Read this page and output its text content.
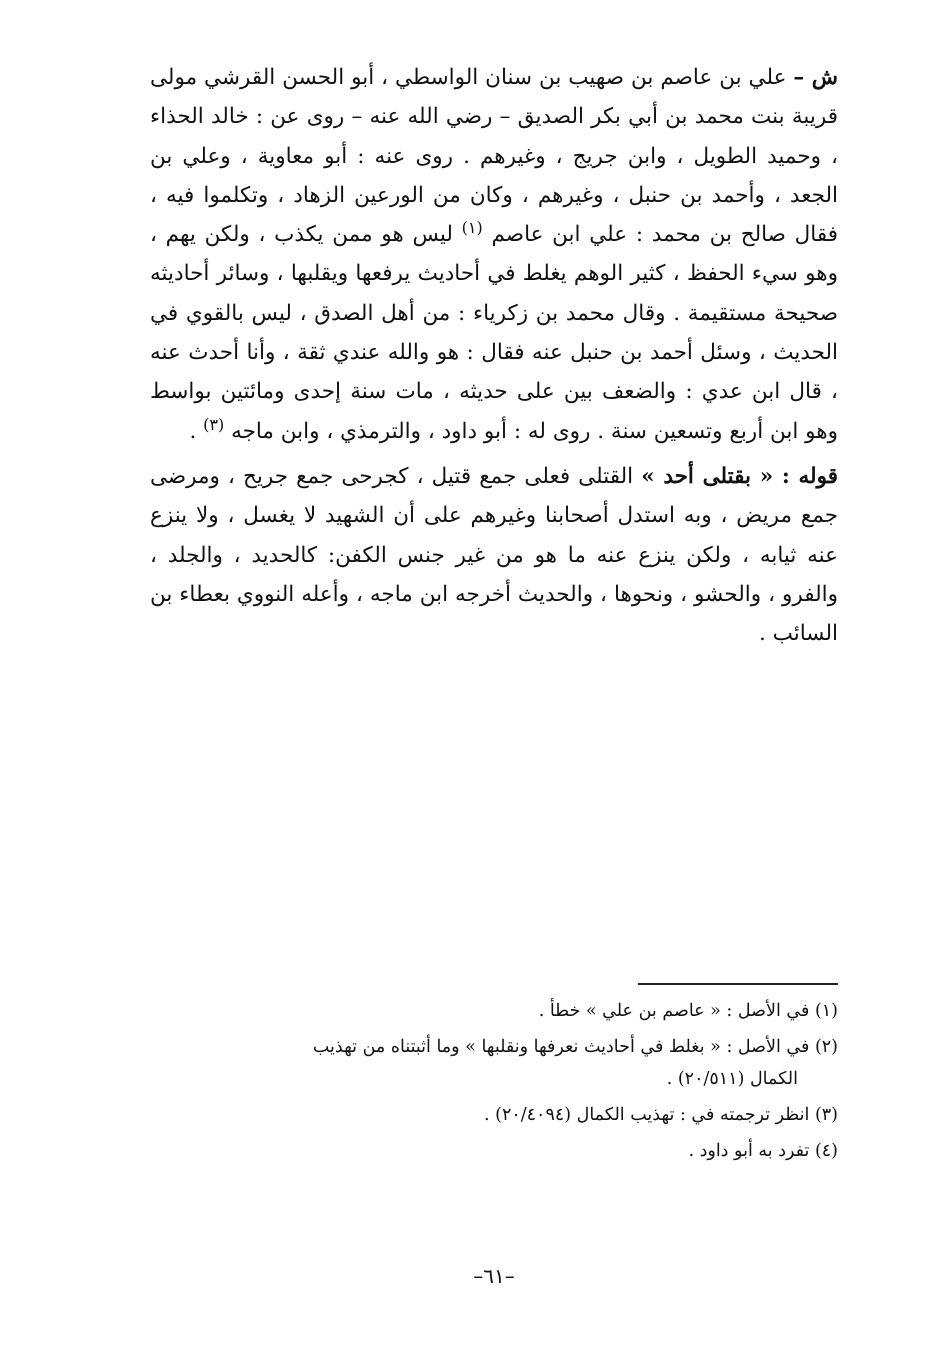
ش – علي بن عاصم بن صهيب بن سنان الواسطي ، أبو الحسن القرشي مولى قريبة بنت محمد بن أبي بكر الصديق – رضي الله عنه – روى عن : خالد الحذاء ، وحميد الطويل ، وابن جريج ، وغيرهم . روى عنه : أبو معاوية ، وعلي بن الجعد ، وأحمد بن حنبل ، وغيرهم ، وكان من الورعين الزهاد ، وتكلموا فيه ، فقال صالح بن محمد : علي ابن عاصم $^{(١)}$ ليس هو ممن يكذب ، ولكن يهم ، وهو سيء الحفظ ، كثير الوهم يغلط في أحاديث يرفعها ويقلبها ، وسائر أحاديثه صحيحة مستقيمة . وقال محمد بن زكرياء : من أهل الصدق ، ليس بالقوي في الحديث ، وسئل أحمد بن حنبل عنه فقال : هو والله عندي ثقة ، وأنا أحدث عنه ، قال ابن عدي : والضعف بين على حديثه ، مات سنة إحدى ومائتين بواسط وهو ابن أربع وتسعين سنة . روى له : أبو داود ، والترمذي ، وابن ماجه $^{(٣)}$ .

قوله : « بقتلى أحد » القتلى فعلى جمع قتيل ، كجرحى جمع جريح ، ومرضى جمع مريض ، وبه استدل أصحابنا وغيرهم على أن الشهيد لا يغسل ، ولا ينزع عنه ثيابه ، ولكن ينزع عنه ما هو من غير جنس الكفن: كالحديد ، والجلد ، والفرو ، والحشو ، ونحوها ، والحديث أخرجه ابن ماجه ، وأعله النووي بعطاء بن السائب .

(١) في الأصل : « عاصم بن علي » خطأ .
(٢) في الأصل : « بغلط في أحاديث نعرفها ونقلبها » وما أثبتناه من تهذيب
الكمال (٢٠/٥١١) .
(٣) انظر ترجمته في : تهذيب الكمال (٢٠/٤٠٩٤) .
(٤) تفرد به أبو داود .
–٦١–
